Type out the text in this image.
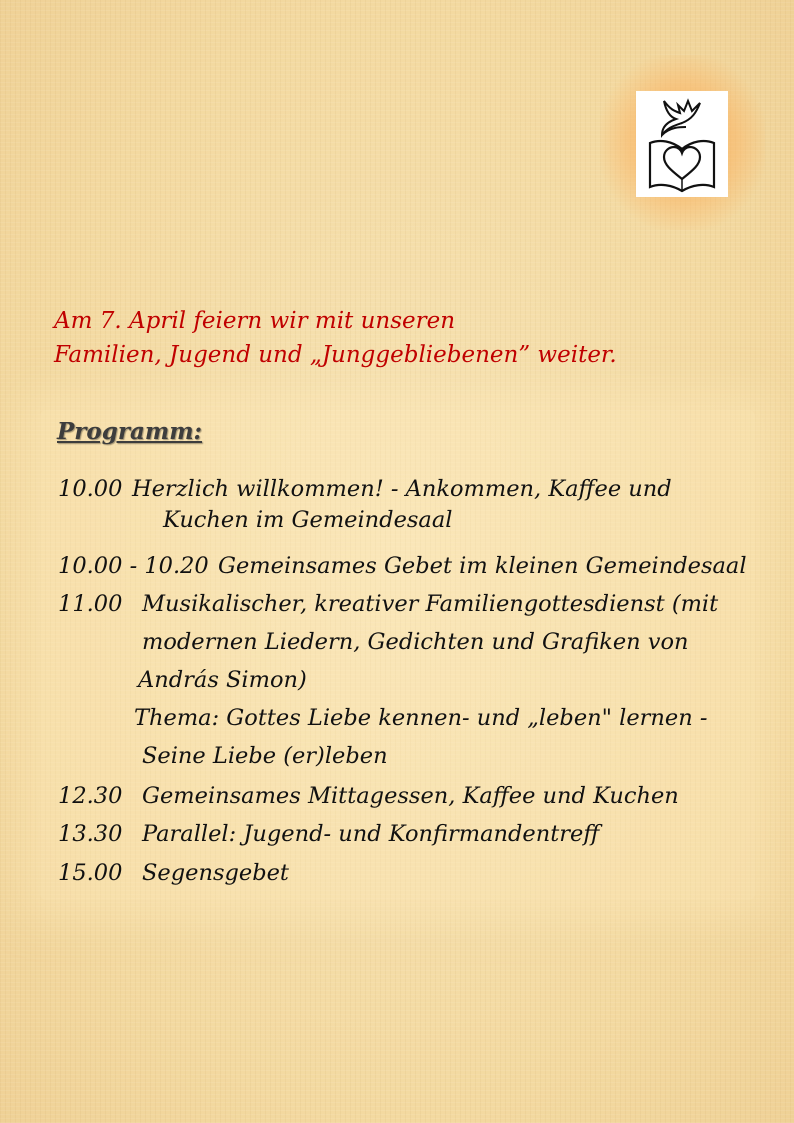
Am 7. April feiern wir mit unseren
Familien, Jugend und „Junggebliebenen” weiter.
Programm:
10.00 Herzlich willkommen! - Ankommen, Kaffee und
Kuchen im Gemeindesaal
10.00 - 10.20 Gemeinsames Gebet im kleinen Gemeindesaal
11.00 Musikalischer, kreativer Familiengottesdienst (mit
modernen Liedern, Gedichten und Grafiken von
András Simon)
Thema: Gottes Liebe kennen- und „leben" lernen -
Seine Liebe (er)leben
12.30 Gemeinsames Mittagessen, Kaffee und Kuchen
13.30 Parallel: Jugend- und Konfirmandentreff
15.00 Segensgebet
